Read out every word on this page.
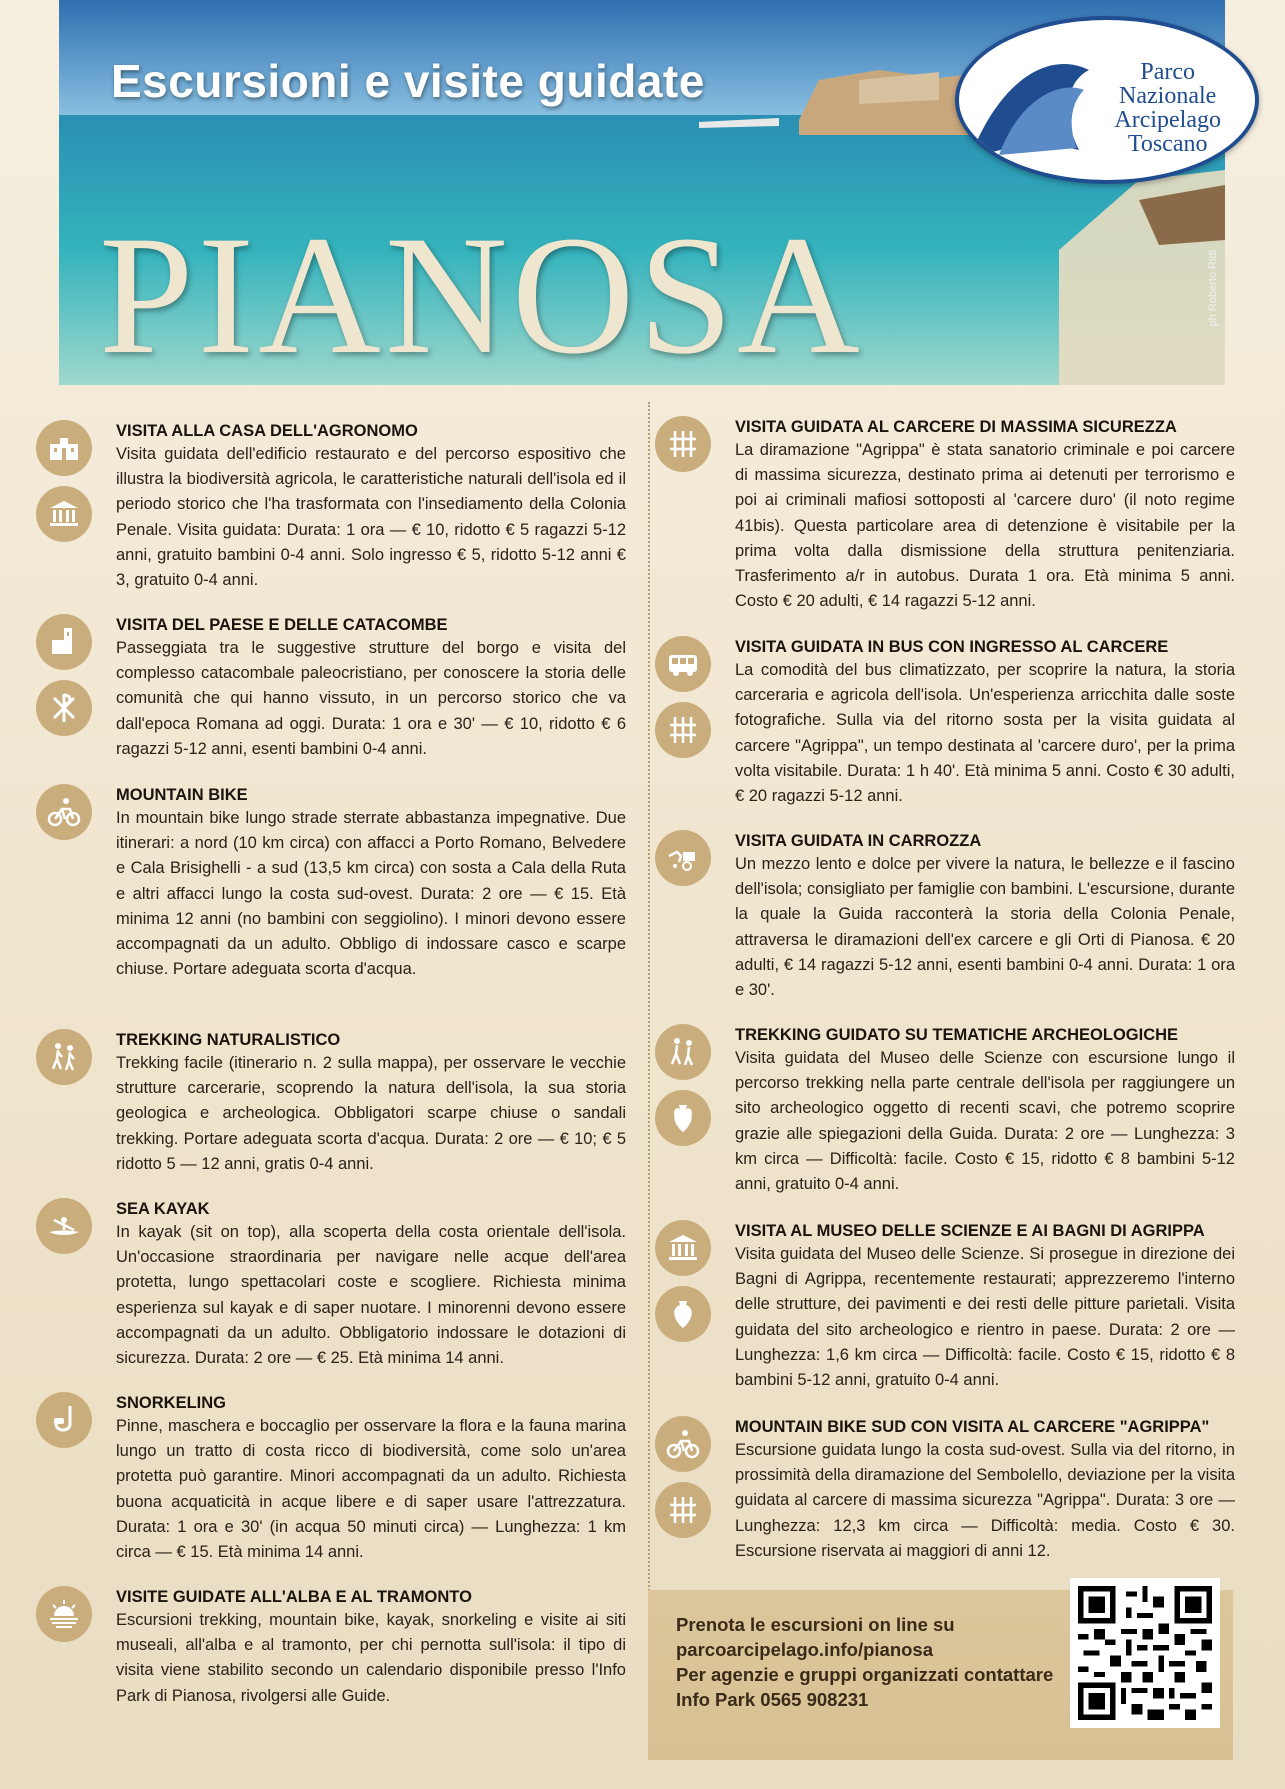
Escursioni e visite guidate
PIANOSA	ph Roberto Ridi
Parco
Nazionale
Arcipelago
Toscano
VISITA ALLA CASA DELL'AGRONOMO
Visita guidata dell'edificio restaurato e del percorso espositivo che illustra la biodiversità agricola, le caratteristiche naturali dell'isola ed il periodo storico che l'ha trasformata con l'insediamento della Colonia Penale. Visita guidata: Durata: 1 ora — € 10, ridotto € 5 ragazzi 5-12 anni, gratuito bambini 0-4 anni. Solo ingresso € 5, ridotto 5-12 anni € 3, gratuito 0-4 anni.
VISITA DEL PAESE E DELLE CATACOMBE
Passeggiata tra le suggestive strutture del borgo e visita del complesso catacombale paleocristiano, per conoscere la storia delle comunità che qui hanno vissuto, in un percorso storico che va dall'epoca Romana ad oggi. Durata: 1 ora e 30' — € 10, ridotto € 6 ragazzi 5-12 anni, esenti bambini 0-4 anni.
MOUNTAIN BIKE
In mountain bike lungo strade sterrate abbastanza impegnative. Due itinerari: a nord (10 km circa) con affacci a Porto Romano, Belvedere e Cala Brisighelli - a sud (13,5 km circa) con sosta a Cala della Ruta e altri affacci lungo la costa sud-ovest. Durata: 2 ore — € 15. Età minima 12 anni (no bambini con seggiolino). I minori devono essere accompagnati da un adulto. Obbligo di indossare casco e scarpe chiuse. Portare adeguata scorta d'acqua.
TREKKING NATURALISTICO
Trekking facile (itinerario n. 2 sulla mappa), per osservare le vecchie strutture carcerarie, scoprendo la natura dell'isola, la sua storia geologica e archeologica. Obbligatori scarpe chiuse o sandali trekking. Portare adeguata scorta d'acqua. Durata: 2 ore — € 10; € 5 ridotto 5 — 12 anni, gratis 0-4 anni.
SEA KAYAK
In kayak (sit on top), alla scoperta della costa orientale dell'isola. Un'occasione straordinaria per navigare nelle acque dell'area protetta, lungo spettacolari coste e scogliere. Richiesta minima esperienza sul kayak e di saper nuotare. I minorenni devono essere accompagnati da un adulto. Obbligatorio indossare le dotazioni di sicurezza. Durata: 2 ore — € 25. Età minima 14 anni.
SNORKELING
Pinne, maschera e boccaglio per osservare la flora e la fauna marina lungo un tratto di costa ricco di biodiversità, come solo un'area protetta può garantire. Minori accompagnati da un adulto. Richiesta buona acquaticità in acque libere e di saper usare l'attrezzatura. Durata: 1 ora e 30' (in acqua 50 minuti circa) — Lunghezza: 1 km circa — € 15. Età minima 14 anni.
VISITE GUIDATE ALL'ALBA E AL TRAMONTO
Escursioni trekking, mountain bike, kayak, snorkeling e visite ai siti museali, all'alba e al tramonto, per chi pernotta sull'isola: il tipo di visita viene stabilito secondo un calendario disponibile presso l'Info Park di Pianosa, rivolgersi alle Guide.
VISITA GUIDATA AL CARCERE DI MASSIMA SICUREZZA
La diramazione "Agrippa" è stata sanatorio criminale e poi carcere di massima sicurezza, destinato prima ai detenuti per terrorismo e poi ai criminali mafiosi sottoposti al 'carcere duro' (il noto regime 41bis). Questa particolare area di detenzione è visitabile per la prima volta dalla dismissione della struttura penitenziaria. Trasferimento a/r in autobus. Durata 1 ora. Età minima 5 anni. Costo € 20 adulti, € 14 ragazzi 5-12 anni.
VISITA GUIDATA IN BUS CON INGRESSO AL CARCERE
La comodità del bus climatizzato, per scoprire la natura, la storia carceraria e agricola dell'isola. Un'esperienza arricchita dalle soste fotografiche. Sulla via del ritorno sosta per la visita guidata al carcere "Agrippa", un tempo destinata al 'carcere duro', per la prima volta visitabile. Durata: 1 h 40'. Età minima 5 anni. Costo € 30 adulti, € 20 ragazzi 5-12 anni.
VISITA GUIDATA IN CARROZZA
Un mezzo lento e dolce per vivere la natura, le bellezze e il fascino dell'isola; consigliato per famiglie con bambini. L'escursione, durante la quale la Guida racconterà la storia della Colonia Penale, attraversa le diramazioni dell'ex carcere e gli Orti di Pianosa. € 20 adulti, € 14 ragazzi 5-12 anni, esenti bambini 0-4 anni. Durata: 1 ora e 30'.
TREKKING GUIDATO SU TEMATICHE ARCHEOLOGICHE
Visita guidata del Museo delle Scienze con escursione lungo il percorso trekking nella parte centrale dell'isola per raggiungere un sito archeologico oggetto di recenti scavi, che potremo scoprire grazie alle spiegazioni della Guida. Durata: 2 ore — Lunghezza: 3 km circa — Difficoltà: facile. Costo € 15, ridotto € 8 bambini 5-12 anni, gratuito 0-4 anni.
VISITA AL MUSEO DELLE SCIENZE E AI BAGNI DI AGRIPPA
Visita guidata del Museo delle Scienze. Si prosegue in direzione dei Bagni di Agrippa, recentemente restaurati; apprezzeremo l'interno delle strutture, dei pavimenti e dei resti delle pitture parietali. Visita guidata del sito archeologico e rientro in paese. Durata: 2 ore — Lunghezza: 1,6 km circa — Difficoltà: facile. Costo € 15, ridotto € 8 bambini 5-12 anni, gratuito 0-4 anni.
MOUNTAIN BIKE SUD CON VISITA AL CARCERE "AGRIPPA"
Escursione guidata lungo la costa sud-ovest. Sulla via del ritorno, in prossimità della diramazione del Sembolello, deviazione per la visita guidata al carcere di massima sicurezza "Agrippa". Durata: 3 ore — Lunghezza: 12,3 km circa — Difficoltà: media. Costo € 30. Escursione riservata ai maggiori di anni 12.
Prenota le escursioni on line su
parcoarcipelago.info/pianosa
Per agenzie e gruppi organizzati contattare
Info Park 0565 908231
